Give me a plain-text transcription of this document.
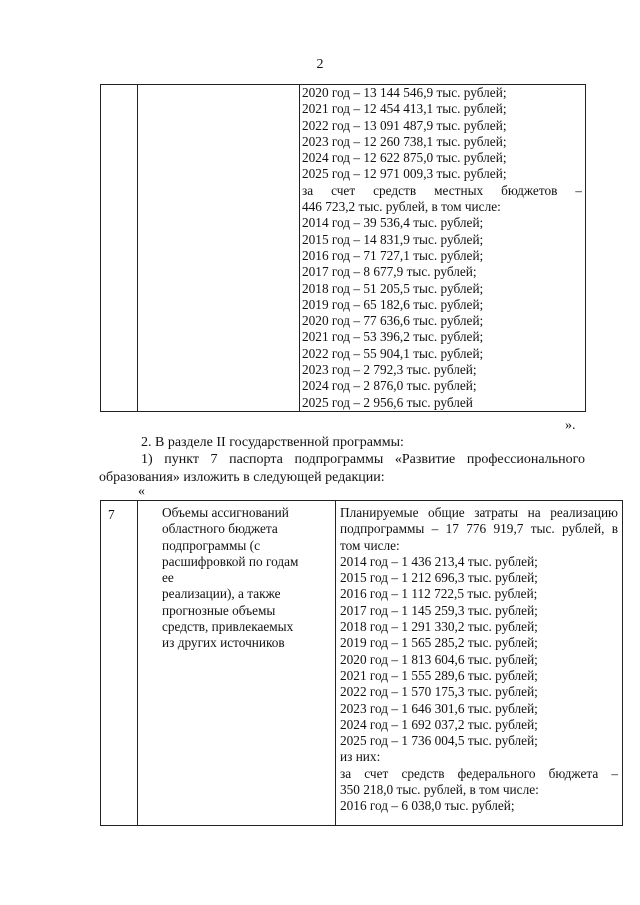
2

2020 год – 13 144 546,9 тыс. рублей;
2021 год – 12 454 413,1 тыс. рублей;
2022 год – 13 091 487,9 тыс. рублей;
2023 год – 12 260 738,1 тыс. рублей;
2024 год – 12 622 875,0 тыс. рублей;
2025 год – 12 971 009,3 тыс. рублей;
за счет средств местных бюджетов –
446 723,2 тыс. рублей, в том числе:
2014 год – 39 536,4 тыс. рублей;
2015 год – 14 831,9 тыс. рублей;
2016 год – 71 727,1 тыс. рублей;
2017 год – 8 677,9 тыс. рублей;
2018 год – 51 205,5 тыс. рублей;
2019 год – 65 182,6 тыс. рублей;
2020 год – 77 636,6 тыс. рублей;
2021 год – 53 396,2 тыс. рублей;
2022 год – 55 904,1 тыс. рублей;
2023 год – 2 792,3 тыс. рублей;
2024 год – 2 876,0 тыс. рублей;
2025 год – 2 956,6 тыс. рублей
».
2. В разделе II государственной программы:
1) пункт 7 паспорта подпрограммы «Развитие профессионального
образования» изложить в следующей редакции:
«
7	Объемы ассигнований
областного бюджета
подпрограммы (с
расшифровкой по годам
ее
реализации), а также
прогнозные объемы
средств, привлекаемых
из других источников

Планируемые общие затраты на реализацию
подпрограммы – 17 776 919,7 тыс. рублей, в
том числе:
2014 год – 1 436 213,4 тыс. рублей;
2015 год – 1 212 696,3 тыс. рублей;
2016 год – 1 112 722,5 тыс. рублей;
2017 год – 1 145 259,3 тыс. рублей;
2018 год – 1 291 330,2 тыс. рублей;
2019 год – 1 565 285,2 тыс. рублей;
2020 год – 1 813 604,6 тыс. рублей;
2021 год – 1 555 289,6 тыс. рублей;
2022 год – 1 570 175,3 тыс. рублей;
2023 год – 1 646 301,6 тыс. рублей;
2024 год – 1 692 037,2 тыс. рублей;
2025 год – 1 736 004,5 тыс. рублей;
из них:
за счет средств федерального бюджета –
350 218,0 тыс. рублей, в том числе:
2016 год – 6 038,0 тыс. рублей;
